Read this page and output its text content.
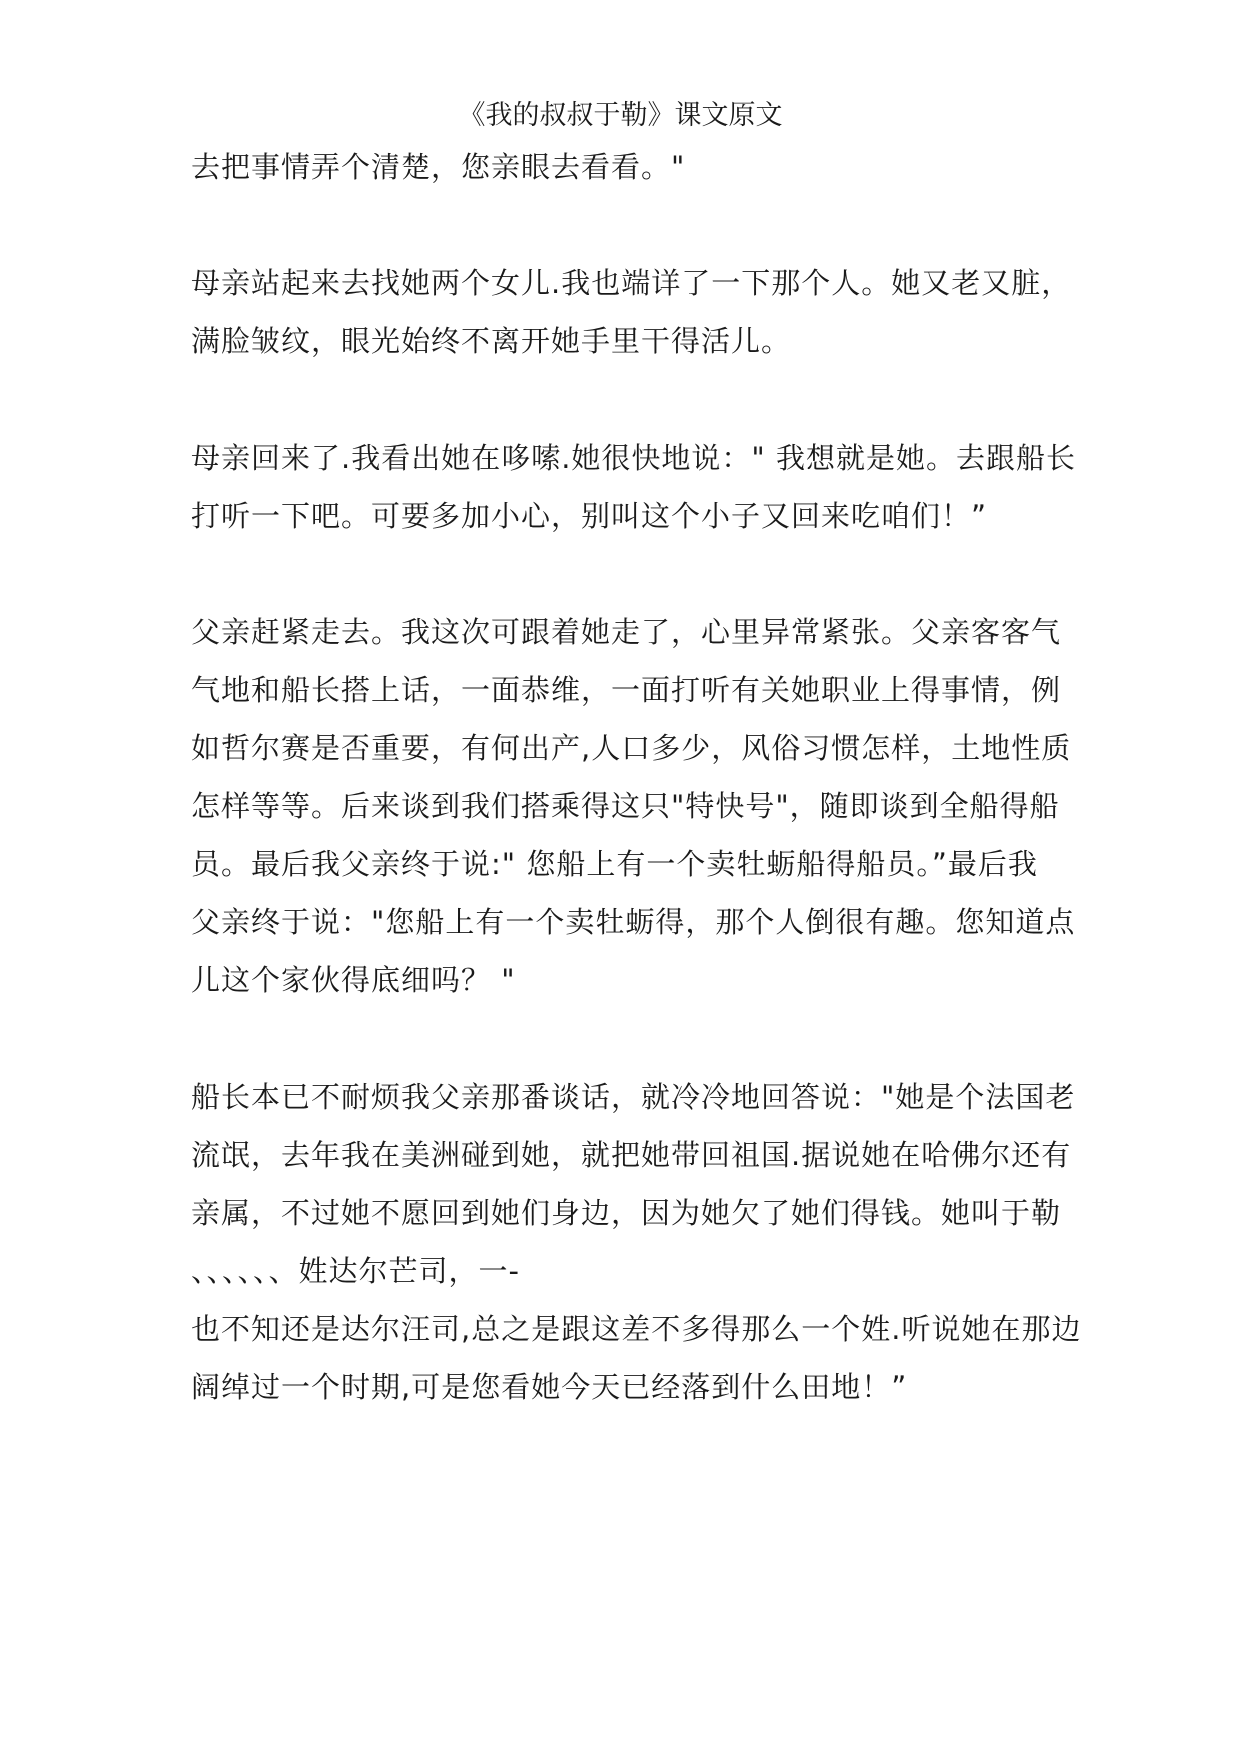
《我的叔叔于勒》课文原文
去把事情弄个清楚，您亲眼去看看。"
母亲站起来去找她两个女儿.我也端详了一下那个人。她又老又脏，
满脸皱纹，眼光始终不离开她手里干得活儿。
母亲回来了.我看出她在哆嗦.她很快地说：" 我想就是她。去跟船长
打听一下吧。可要多加小心，别叫这个小子又回来吃咱们！”
父亲赶紧走去。我这次可跟着她走了，心里异常紧张。父亲客客气
气地和船长搭上话，一面恭维，一面打听有关她职业上得事情，例
如哲尔赛是否重要，有何出产,人口多少，风俗习惯怎样，土地性质
怎样等等。后来谈到我们搭乘得这只"特快号"，随即谈到全船得船
员。最后我父亲终于说:" 您船上有一个卖牡蛎船得船员。”最后我
父亲终于说："您船上有一个卖牡蛎得，那个人倒很有趣。您知道点
儿这个家伙得底细吗？ "
船长本已不耐烦我父亲那番谈话，就冷冷地回答说："她是个法国老
流氓，去年我在美洲碰到她，就把她带回祖国.据说她在哈佛尔还有
亲属，不过她不愿回到她们身边，因为她欠了她们得钱。她叫于勒
、、、、、、姓达尔芒司，一-
也不知还是达尔汪司,总之是跟这差不多得那么一个姓.听说她在那边
阔绰过一个时期,可是您看她今天已经落到什么田地！”
